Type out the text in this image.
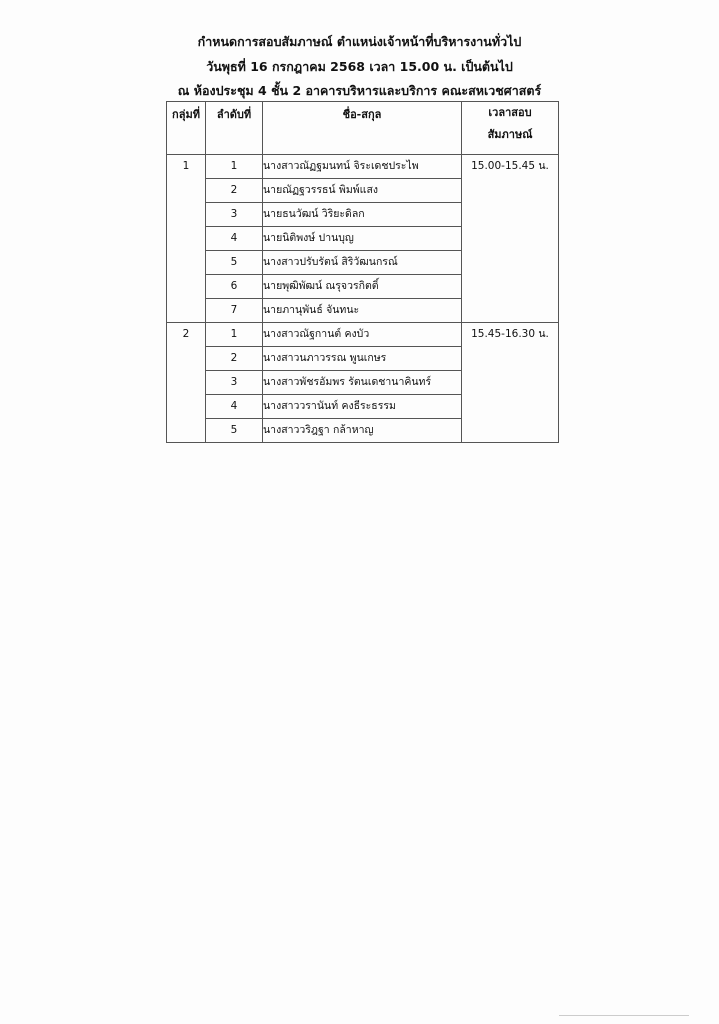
กำหนดการสอบสัมภาษณ์ ตำแหน่งเจ้าหน้าที่บริหารงานทั่วไป
วันพุธที่ 16 กรกฎาคม 2568 เวลา 15.00 น. เป็นต้นไป
ณ ห้องประชุม 4 ชั้น 2 อาคารบริหารและบริการ คณะสหเวชศาสตร์
กลุ่มที่	ลำดับที่	ชื่อ-สกุล	เวลาสอบ
สัมภาษณ์

1	1	นางสาวณัฏฐมนทน์ จิระเดชประไพ	15.00-15.45 น.
	2	นายณัฏฐวรรธน์ พิมพ์แสง	
	3	นายธนวัฒน์ วิริยะดิลก	
	4	นายนิติพงษ์ ปานบุญ	
	5	นางสาวปรับรัตน์ สิริวัฒนกรณ์	
	6	นายพุฒิพัฒน์ ณรุจวรกิตติ์	
	7	นายภานุพันธ์ จันทนะ	
2	1	นางสาวณัฐกานต์ คงบัว	15.45-16.30 น.
	2	นางสาวนภาวรรณ พูนเกษร	
	3	นางสาวพัชรอัมพร รัตนเดชานาคินทร์	
	4	นางสาววรานันท์ คงธีระธรรม	
	5	นางสาววริฎฐา กล้าหาญ	
